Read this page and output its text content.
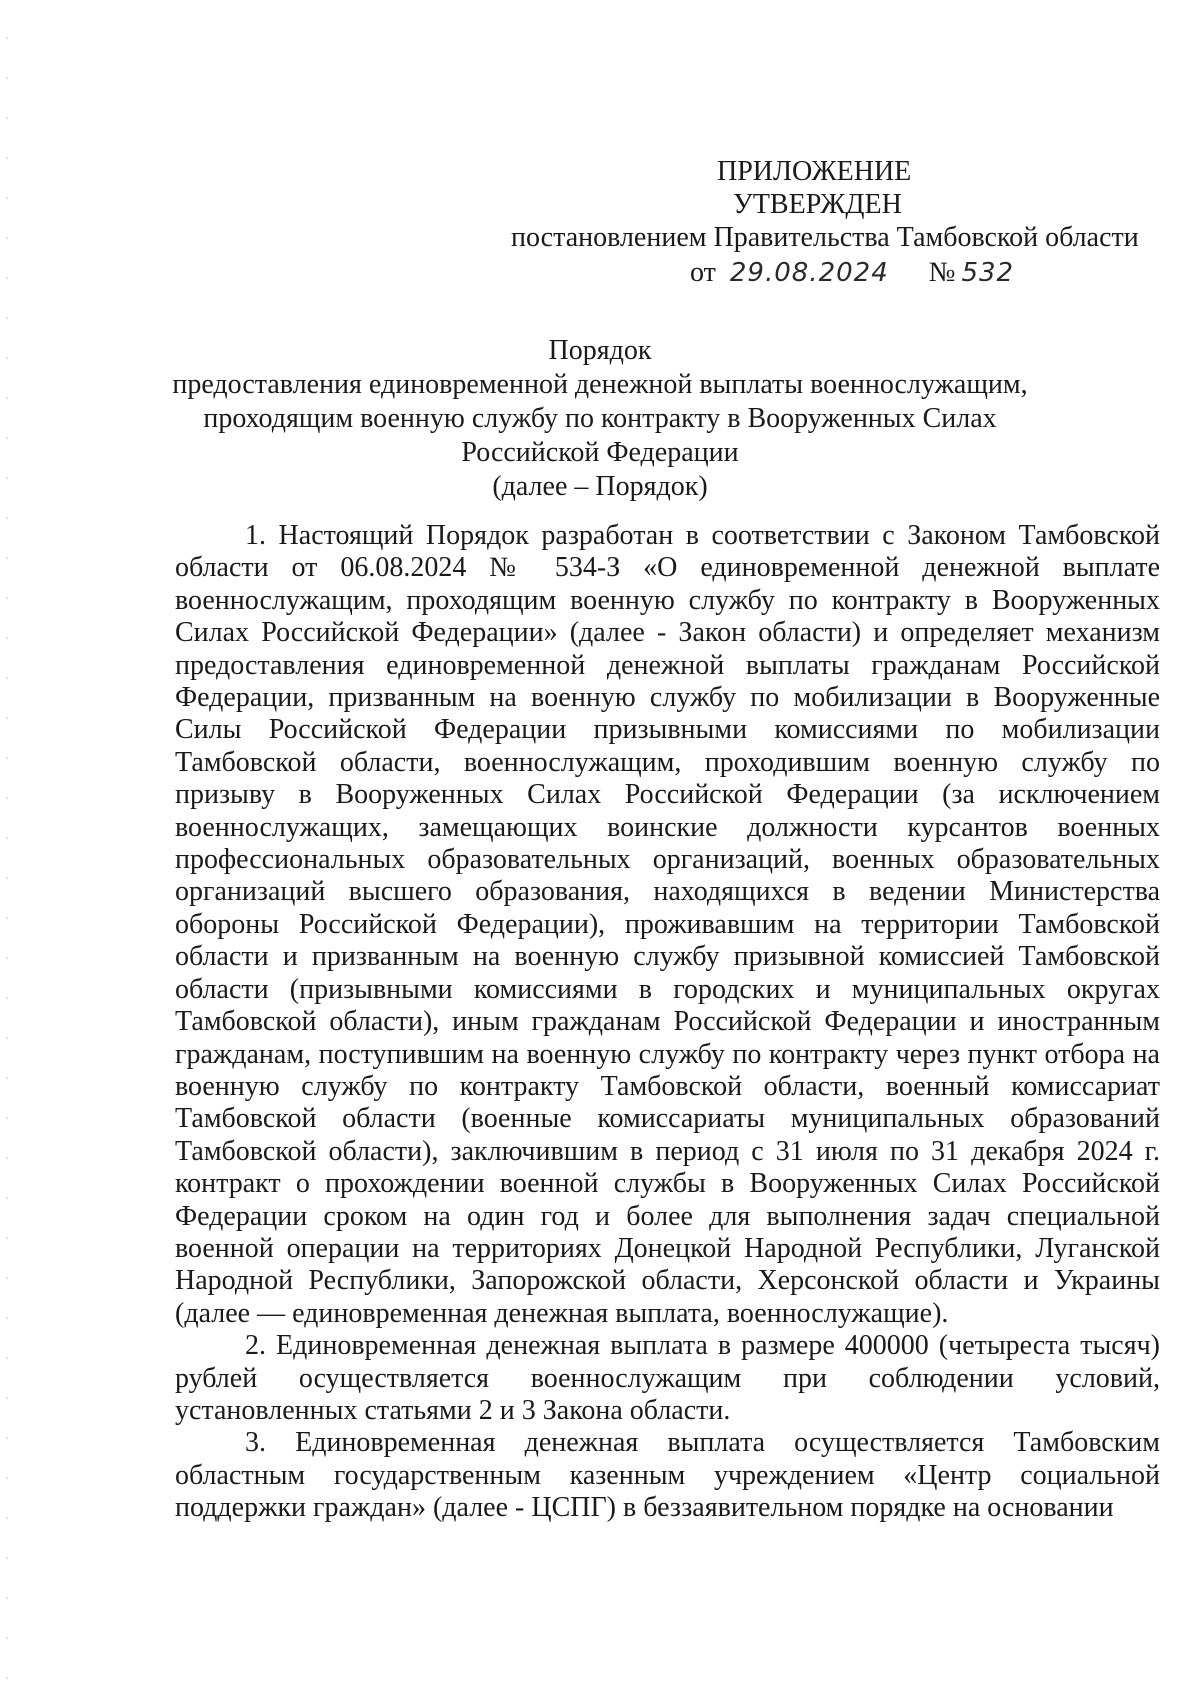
ПРИЛОЖЕНИЕ
УТВЕРЖДЕН
постановлением Правительства Тамбовской области
от 29.08.2024 № 532
Порядок
предоставления единовременной денежной выплаты военнослужащим,
проходящим военную службу по контракту в Вооруженных Силах
Российской Федерации
(далее – Порядок)

1. Настоящий Порядок разработан в соответствии с Законом Тамбовской области от 06.08.2024 № 534-З «О единовременной денежной выплате военнослужащим, проходящим военную службу по контракту в Вооруженных Силах Российской Федерации» (далее - Закон области) и определяет механизм предоставления единовременной денежной выплаты гражданам Российской Федерации, призванным на военную службу по мобилизации в Вооруженные Силы Российской Федерации призывными комиссиями по мобилизации Тамбовской области, военнослужащим, проходившим военную службу по призыву в Вооруженных Силах Российской Федерации (за исключением военнослужащих, замещающих воинские должности курсантов военных профессиональных образовательных организаций, военных образовательных организаций высшего образования, находящихся в ведении Министерства обороны Российской Федерации), проживавшим на территории Тамбовской области и призванным на военную службу призывной комиссией Тамбовской области (призывными комиссиями в городских и муниципальных округах Тамбовской области), иным гражданам Российской Федерации и иностранным гражданам, поступившим на военную службу по контракту через пункт отбора на военную службу по контракту Тамбовской области, военный комиссариат Тамбовской области (военные комиссариаты муниципальных образований Тамбовской области), заключившим в период с 31 июля по 31 декабря 2024 г. контракт о прохождении военной службы в Вооруженных Силах Российской Федерации сроком на один год и более для выполнения задач специальной военной операции на территориях Донецкой Народной Республики, Луганской Народной Республики, Запорожской области, Херсонской области и Украины (далее — единовременная денежная выплата, военнослужащие).

2. Единовременная денежная выплата в размере 400000 (четыреста тысяч) рублей осуществляется военнослужащим при соблюдении условий, установленных статьями 2 и 3 Закона области.

3. Единовременная денежная выплата осуществляется Тамбовским областным государственным казенным учреждением «Центр социальной поддержки граждан» (далее - ЦСПГ) в беззаявительном порядке на основании
